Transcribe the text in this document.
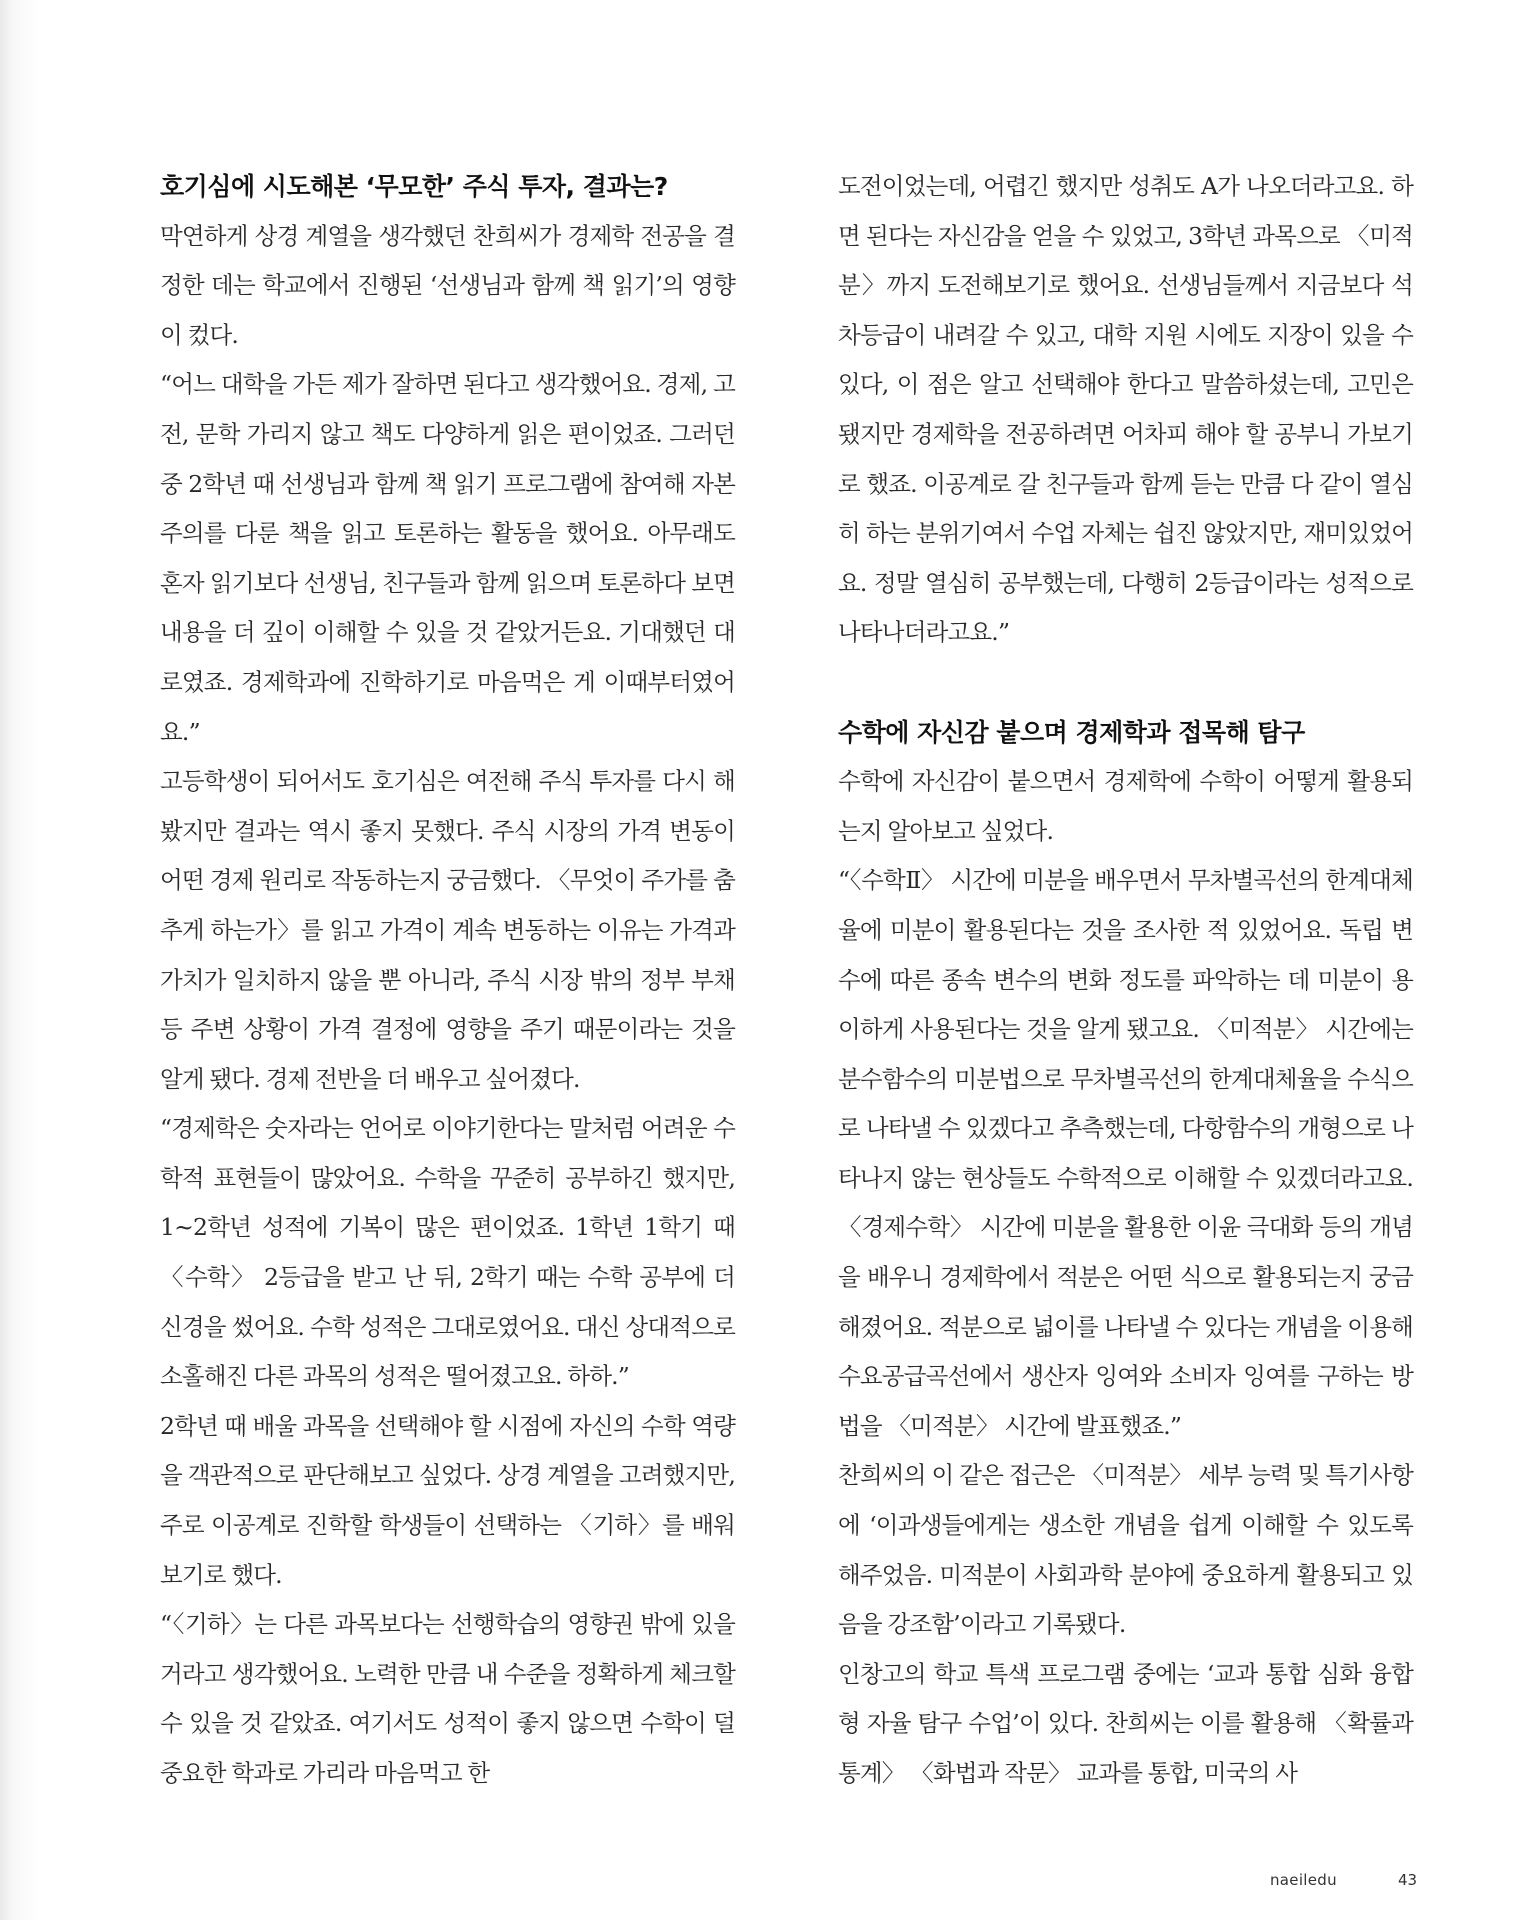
호기심에 시도해본 ‘무모한’ 주식 투자, 결과는?

막연하게 상경 계열을 생각했던 찬희씨가 경제학 전공을 결정한 데는 학교에서 진행된 ‘선생님과 함께 책 읽기’의 영향이 컸다.

“어느 대학을 가든 제가 잘하면 된다고 생각했어요. 경제, 고전, 문학 가리지 않고 책도 다양하게 읽은 편이었죠. 그러던 중 2학년 때 선생님과 함께 책 읽기 프로그램에 참여해 자본주의를 다룬 책을 읽고 토론하는 활동을 했어요. 아무래도 혼자 읽기보다 선생님, 친구들과 함께 읽으며 토론하다 보면 내용을 더 깊이 이해할 수 있을 것 같았거든요. 기대했던 대로였죠. 경제학과에 진학하기로 마음먹은 게 이때부터였어요.”

고등학생이 되어서도 호기심은 여전해 주식 투자를 다시 해봤지만 결과는 역시 좋지 못했다. 주식 시장의 가격 변동이 어떤 경제 원리로 작동하는지 궁금했다. 〈무엇이 주가를 춤추게 하는가〉를 읽고 가격이 계속 변동하는 이유는 가격과 가치가 일치하지 않을 뿐 아니라, 주식 시장 밖의 정부 부채 등 주변 상황이 가격 결정에 영향을 주기 때문이라는 것을 알게 됐다. 경제 전반을 더 배우고 싶어졌다.

“경제학은 숫자라는 언어로 이야기한다는 말처럼 어려운 수학적 표현들이 많았어요. 수학을 꾸준히 공부하긴 했지만, 1~2학년 성적에 기복이 많은 편이었죠. 1학년 1학기 때 〈수학〉 2등급을 받고 난 뒤, 2학기 때는 수학 공부에 더 신경을 썼어요. 수학 성적은 그대로였어요. 대신 상대적으로 소홀해진 다른 과목의 성적은 떨어졌고요. 하하.”

2학년 때 배울 과목을 선택해야 할 시점에 자신의 수학 역량을 객관적으로 판단해보고 싶었다. 상경 계열을 고려했지만, 주로 이공계로 진학할 학생들이 선택하는 〈기하〉를 배워보기로 했다.

“〈기하〉는 다른 과목보다는 선행학습의 영향권 밖에 있을 거라고 생각했어요. 노력한 만큼 내 수준을 정확하게 체크할 수 있을 것 같았죠. 여기서도 성적이 좋지 않으면 수학이 덜 중요한 학과로 가리라 마음먹고 한

도전이었는데, 어렵긴 했지만 성취도 A가 나오더라고요. 하면 된다는 자신감을 얻을 수 있었고, 3학년 과목으로 〈미적분〉까지 도전해보기로 했어요. 선생님들께서 지금보다 석차등급이 내려갈 수 있고, 대학 지원 시에도 지장이 있을 수 있다, 이 점은 알고 선택해야 한다고 말씀하셨는데, 고민은 됐지만 경제학을 전공하려면 어차피 해야 할 공부니 가보기로 했죠. 이공계로 갈 친구들과 함께 듣는 만큼 다 같이 열심히 하는 분위기여서 수업 자체는 쉽진 않았지만, 재미있었어요. 정말 열심히 공부했는데, 다행히 2등급이라는 성적으로 나타나더라고요.”

수학에 자신감 붙으며 경제학과 접목해 탐구

수학에 자신감이 붙으면서 경제학에 수학이 어떻게 활용되는지 알아보고 싶었다.

“〈수학Ⅱ〉 시간에 미분을 배우면서 무차별곡선의 한계대체율에 미분이 활용된다는 것을 조사한 적 있었어요. 독립 변수에 따른 종속 변수의 변화 정도를 파악하는 데 미분이 용이하게 사용된다는 것을 알게 됐고요. 〈미적분〉 시간에는 분수함수의 미분법으로 무차별곡선의 한계대체율을 수식으로 나타낼 수 있겠다고 추측했는데, 다항함수의 개형으로 나타나지 않는 현상들도 수학적으로 이해할 수 있겠더라고요. 〈경제수학〉 시간에 미분을 활용한 이윤 극대화 등의 개념을 배우니 경제학에서 적분은 어떤 식으로 활용되는지 궁금해졌어요. 적분으로 넓이를 나타낼 수 있다는 개념을 이용해 수요공급곡선에서 생산자 잉여와 소비자 잉여를 구하는 방법을 〈미적분〉 시간에 발표했죠.”

찬희씨의 이 같은 접근은 〈미적분〉 세부 능력 및 특기사항에 ‘이과생들에게는 생소한 개념을 쉽게 이해할 수 있도록 해주었음. 미적분이 사회과학 분야에 중요하게 활용되고 있음을 강조함’이라고 기록됐다.

인창고의 학교 특색 프로그램 중에는 ‘교과 통합 심화 융합형 자율 탐구 수업’이 있다. 찬희씨는 이를 활용해 〈확률과 통계〉 〈화법과 작문〉 교과를 통합, 미국의 사

naeiledu	43
